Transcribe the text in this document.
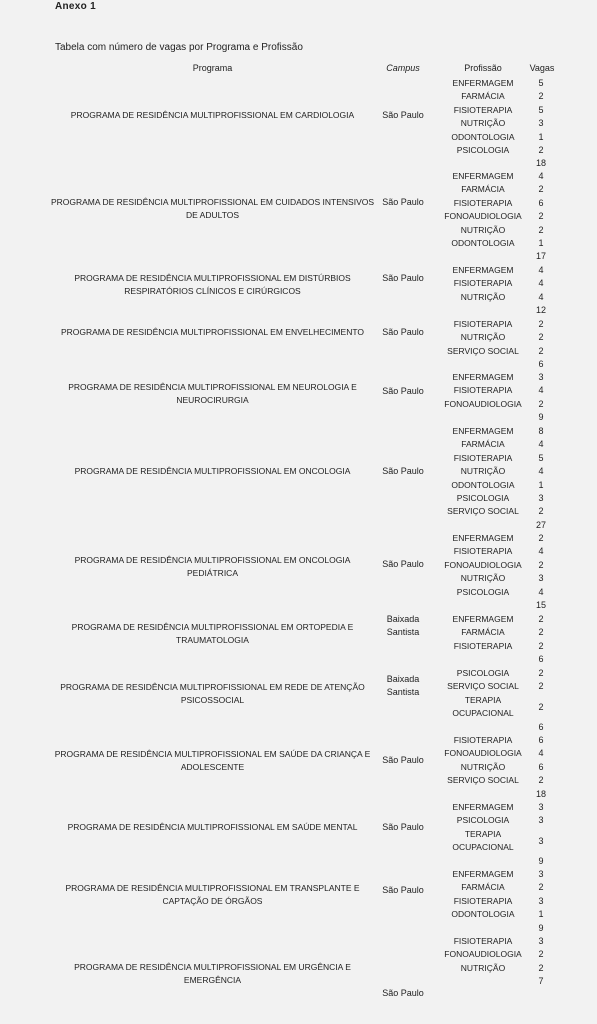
Anexo 1
Tabela com número de vagas por Programa e Profissão
Programa	Campus	Profissão	Vagas
PROGRAMA DE RESIDÊNCIA MULTIPROFISSIONAL EM CARDIOLOGIA	São Paulo
ENFERMAGEM	5
FARMÁCIA	2
FISIOTERAPIA	5
NUTRIÇÃO	3
ODONTOLOGIA	1
PSICOLOGIA	2
18
PROGRAMA DE RESIDÊNCIA MULTIPROFISSIONAL EM CUIDADOS INTENSIVOS DE ADULTOS
São Paulo
ENFERMAGEM	4
FARMÁCIA	2
FISIOTERAPIA	6
FONOAUDIOLOGIA	2
NUTRIÇÃO	2
ODONTOLOGIA	1
17
PROGRAMA DE RESIDÊNCIA MULTIPROFISSIONAL EM DISTÚRBIOS RESPIRATÓRIOS CLÍNICOS E CIRÚRGICOS
São Paulo
ENFERMAGEM	4
FISIOTERAPIA	4
NUTRIÇÃO	4
12
PROGRAMA DE RESIDÊNCIA MULTIPROFISSIONAL EM ENVELHECIMENTO	São Paulo
FISIOTERAPIA	2
NUTRIÇÃO	2
SERVIÇO SOCIAL	2
6
PROGRAMA DE RESIDÊNCIA MULTIPROFISSIONAL EM NEUROLOGIA E NEUROCIRURGIA
São Paulo
ENFERMAGEM	3
FISIOTERAPIA	4
FONOAUDIOLOGIA	2
9
PROGRAMA DE RESIDÊNCIA MULTIPROFISSIONAL EM ONCOLOGIA	São Paulo
ENFERMAGEM	8
FARMÁCIA	4
FISIOTERAPIA	5
NUTRIÇÃO	4
ODONTOLOGIA	1
PSICOLOGIA	3
SERVIÇO SOCIAL	2
27
PROGRAMA DE RESIDÊNCIA MULTIPROFISSIONAL EM ONCOLOGIA PEDIÁTRICA
São Paulo
ENFERMAGEM	2
FISIOTERAPIA	4
FONOAUDIOLOGIA	2
NUTRIÇÃO	3
PSICOLOGIA	4
15
PROGRAMA DE RESIDÊNCIA MULTIPROFISSIONAL EM ORTOPEDIA E TRAUMATOLOGIA
Baixada Santista
ENFERMAGEM	2
FARMÁCIA	2
FISIOTERAPIA	2
6
PROGRAMA DE RESIDÊNCIA MULTIPROFISSIONAL EM REDE DE ATENÇÃO PSICOSSOCIAL
Baixada Santista
PSICOLOGIA	2
SERVIÇO SOCIAL	2
TERAPIA
OCUPACIONAL
2
6
PROGRAMA DE RESIDÊNCIA MULTIPROFISSIONAL EM SAÚDE DA CRIANÇA E ADOLESCENTE
São Paulo
FISIOTERAPIA	6
FONOAUDIOLOGIA	4
NUTRIÇÃO	6
SERVIÇO SOCIAL	2
18
PROGRAMA DE RESIDÊNCIA MULTIPROFISSIONAL EM SAÚDE MENTAL	São Paulo
ENFERMAGEM	3
PSICOLOGIA	3
TERAPIA
OCUPACIONAL
3
9
PROGRAMA DE RESIDÊNCIA MULTIPROFISSIONAL EM TRANSPLANTE E CAPTAÇÃO DE ÓRGÃOS
São Paulo
ENFERMAGEM	3
FARMÁCIA	2
FISIOTERAPIA	3
ODONTOLOGIA	1
9
PROGRAMA DE RESIDÊNCIA MULTIPROFISSIONAL EM URGÊNCIA E EMERGÊNCIA
São Paulo
FISIOTERAPIA	3
FONOAUDIOLOGIA	2
NUTRIÇÃO	2
7
